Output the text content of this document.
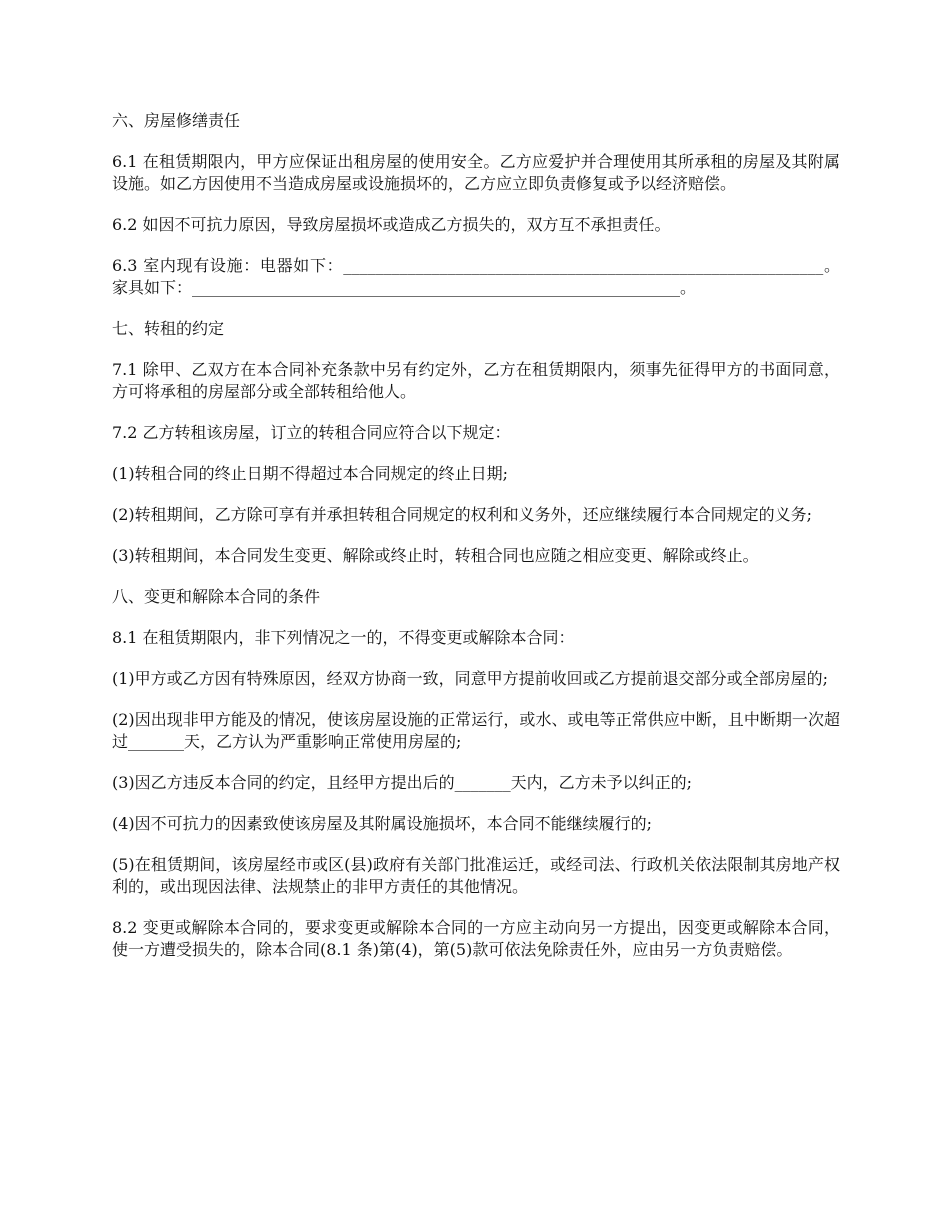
六、房屋修缮责任

6.1 在租赁期限内，甲方应保证出租房屋的使用安全。乙方应爱护并合理使用其所承租的房屋及其附属设施。如乙方因使用不当造成房屋或设施损坏的，乙方应立即负责修复或予以经济赔偿。

6.2 如因不可抗力原因，导致房屋损坏或造成乙方损失的，双方互不承担责任。

6.3 室内现有设施：电器如下：____________________________________________________________。家具如下：_____________________________________________________________。

七、转租的约定

7.1 除甲、乙双方在本合同补充条款中另有约定外，乙方在租赁期限内，须事先征得甲方的书面同意，方可将承租的房屋部分或全部转租给他人。

7.2 乙方转租该房屋，订立的转租合同应符合以下规定：

(1)转租合同的终止日期不得超过本合同规定的终止日期;

(2)转租期间，乙方除可享有并承担转租合同规定的权利和义务外，还应继续履行本合同规定的义务;

(3)转租期间，本合同发生变更、解除或终止时，转租合同也应随之相应变更、解除或终止。

八、变更和解除本合同的条件

8.1 在租赁期限内，非下列情况之一的，不得变更或解除本合同：

(1)甲方或乙方因有特殊原因，经双方协商一致，同意甲方提前收回或乙方提前退交部分或全部房屋的;

(2)因出现非甲方能及的情况，使该房屋设施的正常运行，或水、或电等正常供应中断，且中断期一次超过_______天，乙方认为严重影响正常使用房屋的;

(3)因乙方违反本合同的约定，且经甲方提出后的_______天内，乙方未予以纠正的;

(4)因不可抗力的因素致使该房屋及其附属设施损坏，本合同不能继续履行的;

(5)在租赁期间，该房屋经市或区(县)政府有关部门批准运迁，或经司法、行政机关依法限制其房地产权利的，或出现因法律、法规禁止的非甲方责任的其他情况。

8.2 变更或解除本合同的，要求变更或解除本合同的一方应主动向另一方提出，因变更或解除本合同，使一方遭受损失的，除本合同(8.1 条)第(4)，第(5)款可依法免除责任外，应由另一方负责赔偿。
